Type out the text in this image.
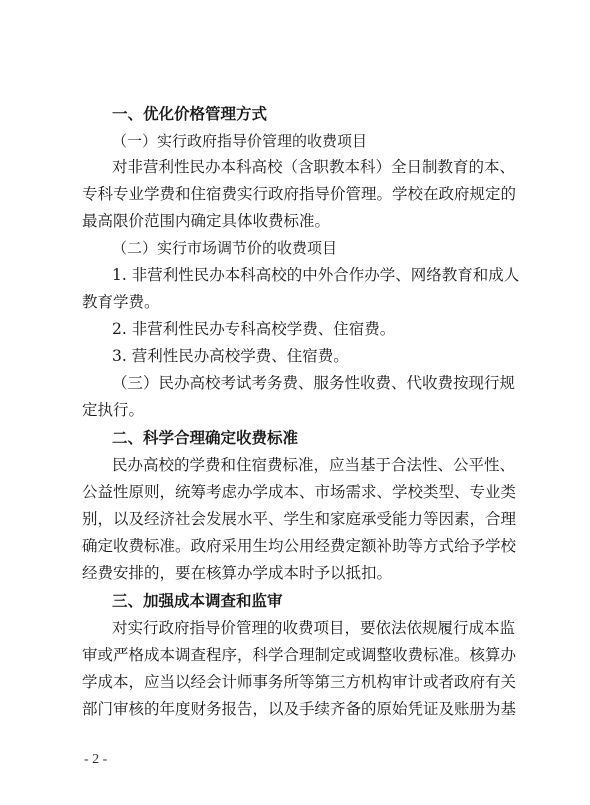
一、优化价格管理方式
（一）实行政府指导价管理的收费项目
对非营利性民办本科高校（含职教本科）全日制教育的本、
专科专业学费和住宿费实行政府指导价管理。学校在政府规定的
最高限价范围内确定具体收费标准。
（二）实行市场调节价的收费项目
1. 非营利性民办本科高校的中外合作办学、网络教育和成人
教育学费。
2. 非营利性民办专科高校学费、住宿费。
3. 营利性民办高校学费、住宿费。
（三）民办高校考试考务费、服务性收费、代收费按现行规
定执行。
二、科学合理确定收费标准
民办高校的学费和住宿费标准，应当基于合法性、公平性、
公益性原则，统筹考虑办学成本、市场需求、学校类型、专业类
别，以及经济社会发展水平、学生和家庭承受能力等因素，合理
确定收费标准。政府采用生均公用经费定额补助等方式给予学校
经费安排的，要在核算办学成本时予以抵扣。
三、加强成本调查和监审
对实行政府指导价管理的收费项目，要依法依规履行成本监
审或严格成本调查程序，科学合理制定或调整收费标准。核算办
学成本，应当以经会计师事务所等第三方机构审计或者政府有关
部门审核的年度财务报告，以及手续齐备的原始凭证及账册为基
- 2 -
